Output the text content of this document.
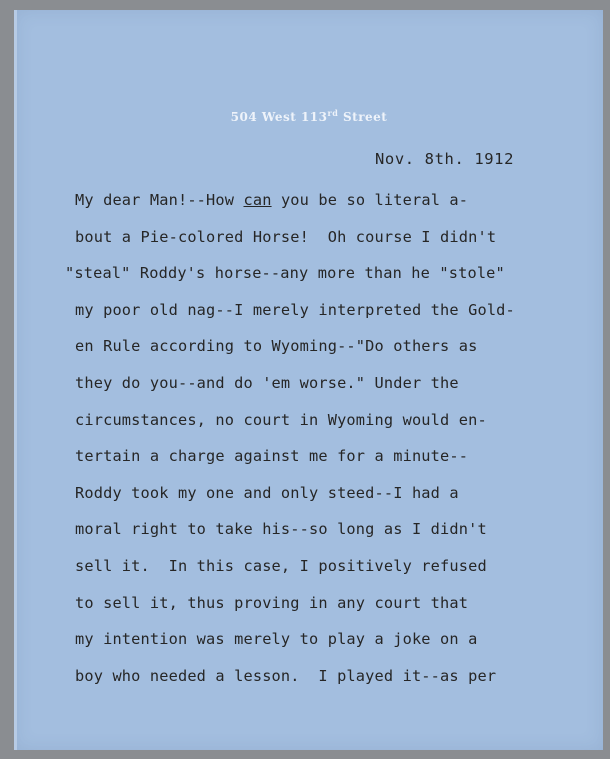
504 West 113rd Street
Nov. 8th. 1912
My dear Man!--How can you be so literal a-
bout a Pie-colored Horse!  Oh course I didn't
"steal" Roddy's horse--any more than he "stole"
my poor old nag--I merely interpreted the Gold-
en Rule according to Wyoming--"Do others as
they do you--and do 'em worse." Under the
circumstances, no court in Wyoming would en-
tertain a charge against me for a minute--
Roddy took my one and only steed--I had a
moral right to take his--so long as I didn't
sell it.  In this case, I positively refused
to sell it, thus proving in any court that
my intention was merely to play a joke on a
boy who needed a lesson.  I played it--as per
